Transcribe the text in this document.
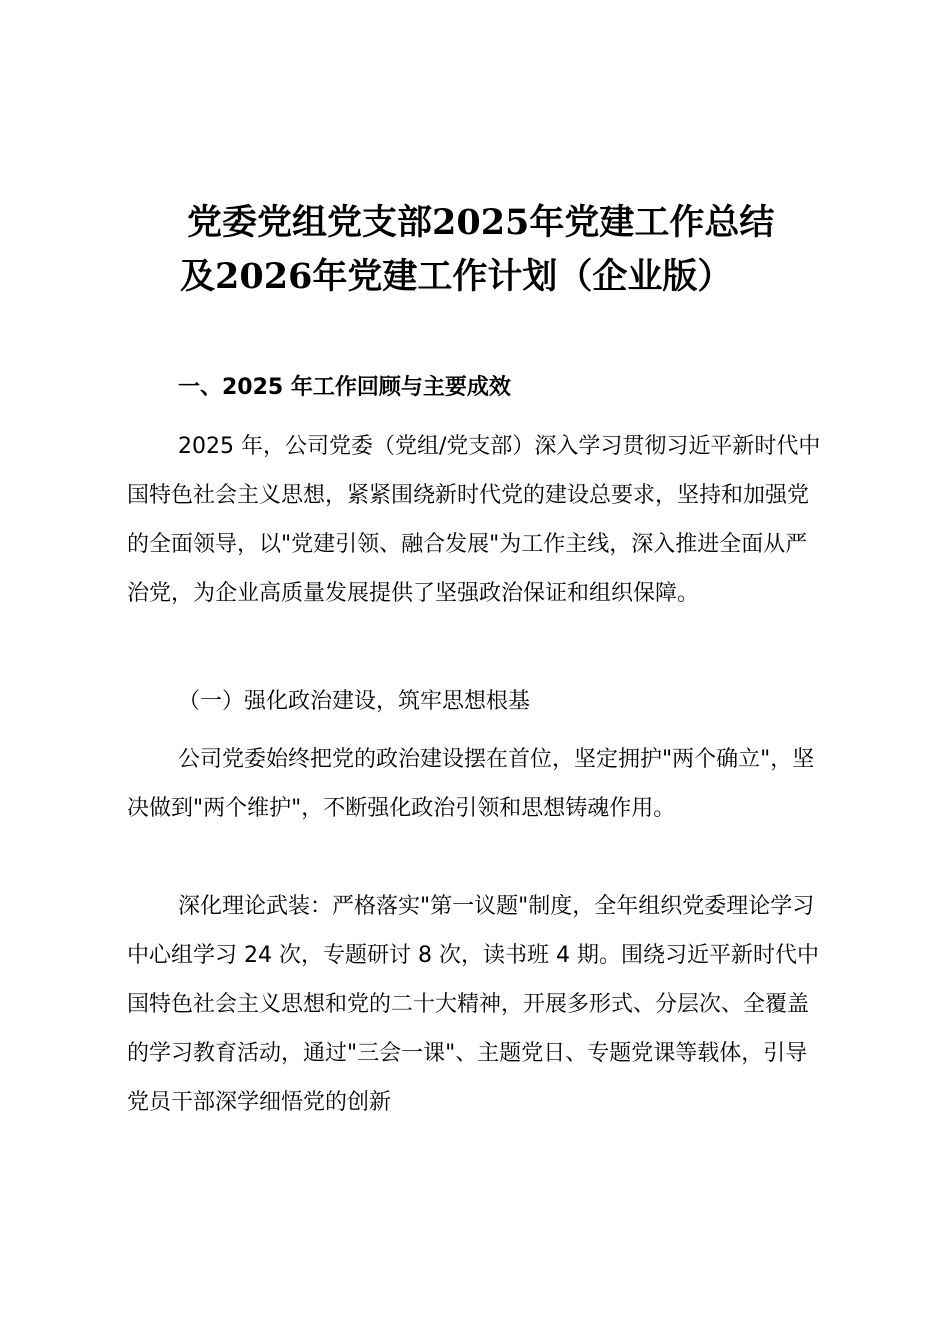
党委党组党支部2025年党建工作总结
及2026年党建工作计划（企业版）
一、2025 年工作回顾与主要成效
2025 年，公司党委（党组/党支部）深入学习贯彻习近平新时代中国特色社会主义思想，紧紧围绕新时代党的建设总要求，坚持和加强党的全面领导，以"党建引领、融合发展"为工作主线，深入推进全面从严治党，为企业高质量发展提供了坚强政治保证和组织保障。
（一）强化政治建设，筑牢思想根基
公司党委始终把党的政治建设摆在首位，坚定拥护"两个确立"，坚决做到"两个维护"，不断强化政治引领和思想铸魂作用。
深化理论武装：严格落实"第一议题"制度，全年组织党委理论学习中心组学习 24 次，专题研讨 8 次，读书班 4 期。围绕习近平新时代中国特色社会主义思想和党的二十大精神，开展多形式、分层次、全覆盖的学习教育活动，通过"三会一课"、主题党日、专题党课等载体，引导党员干部深学细悟党的创新
